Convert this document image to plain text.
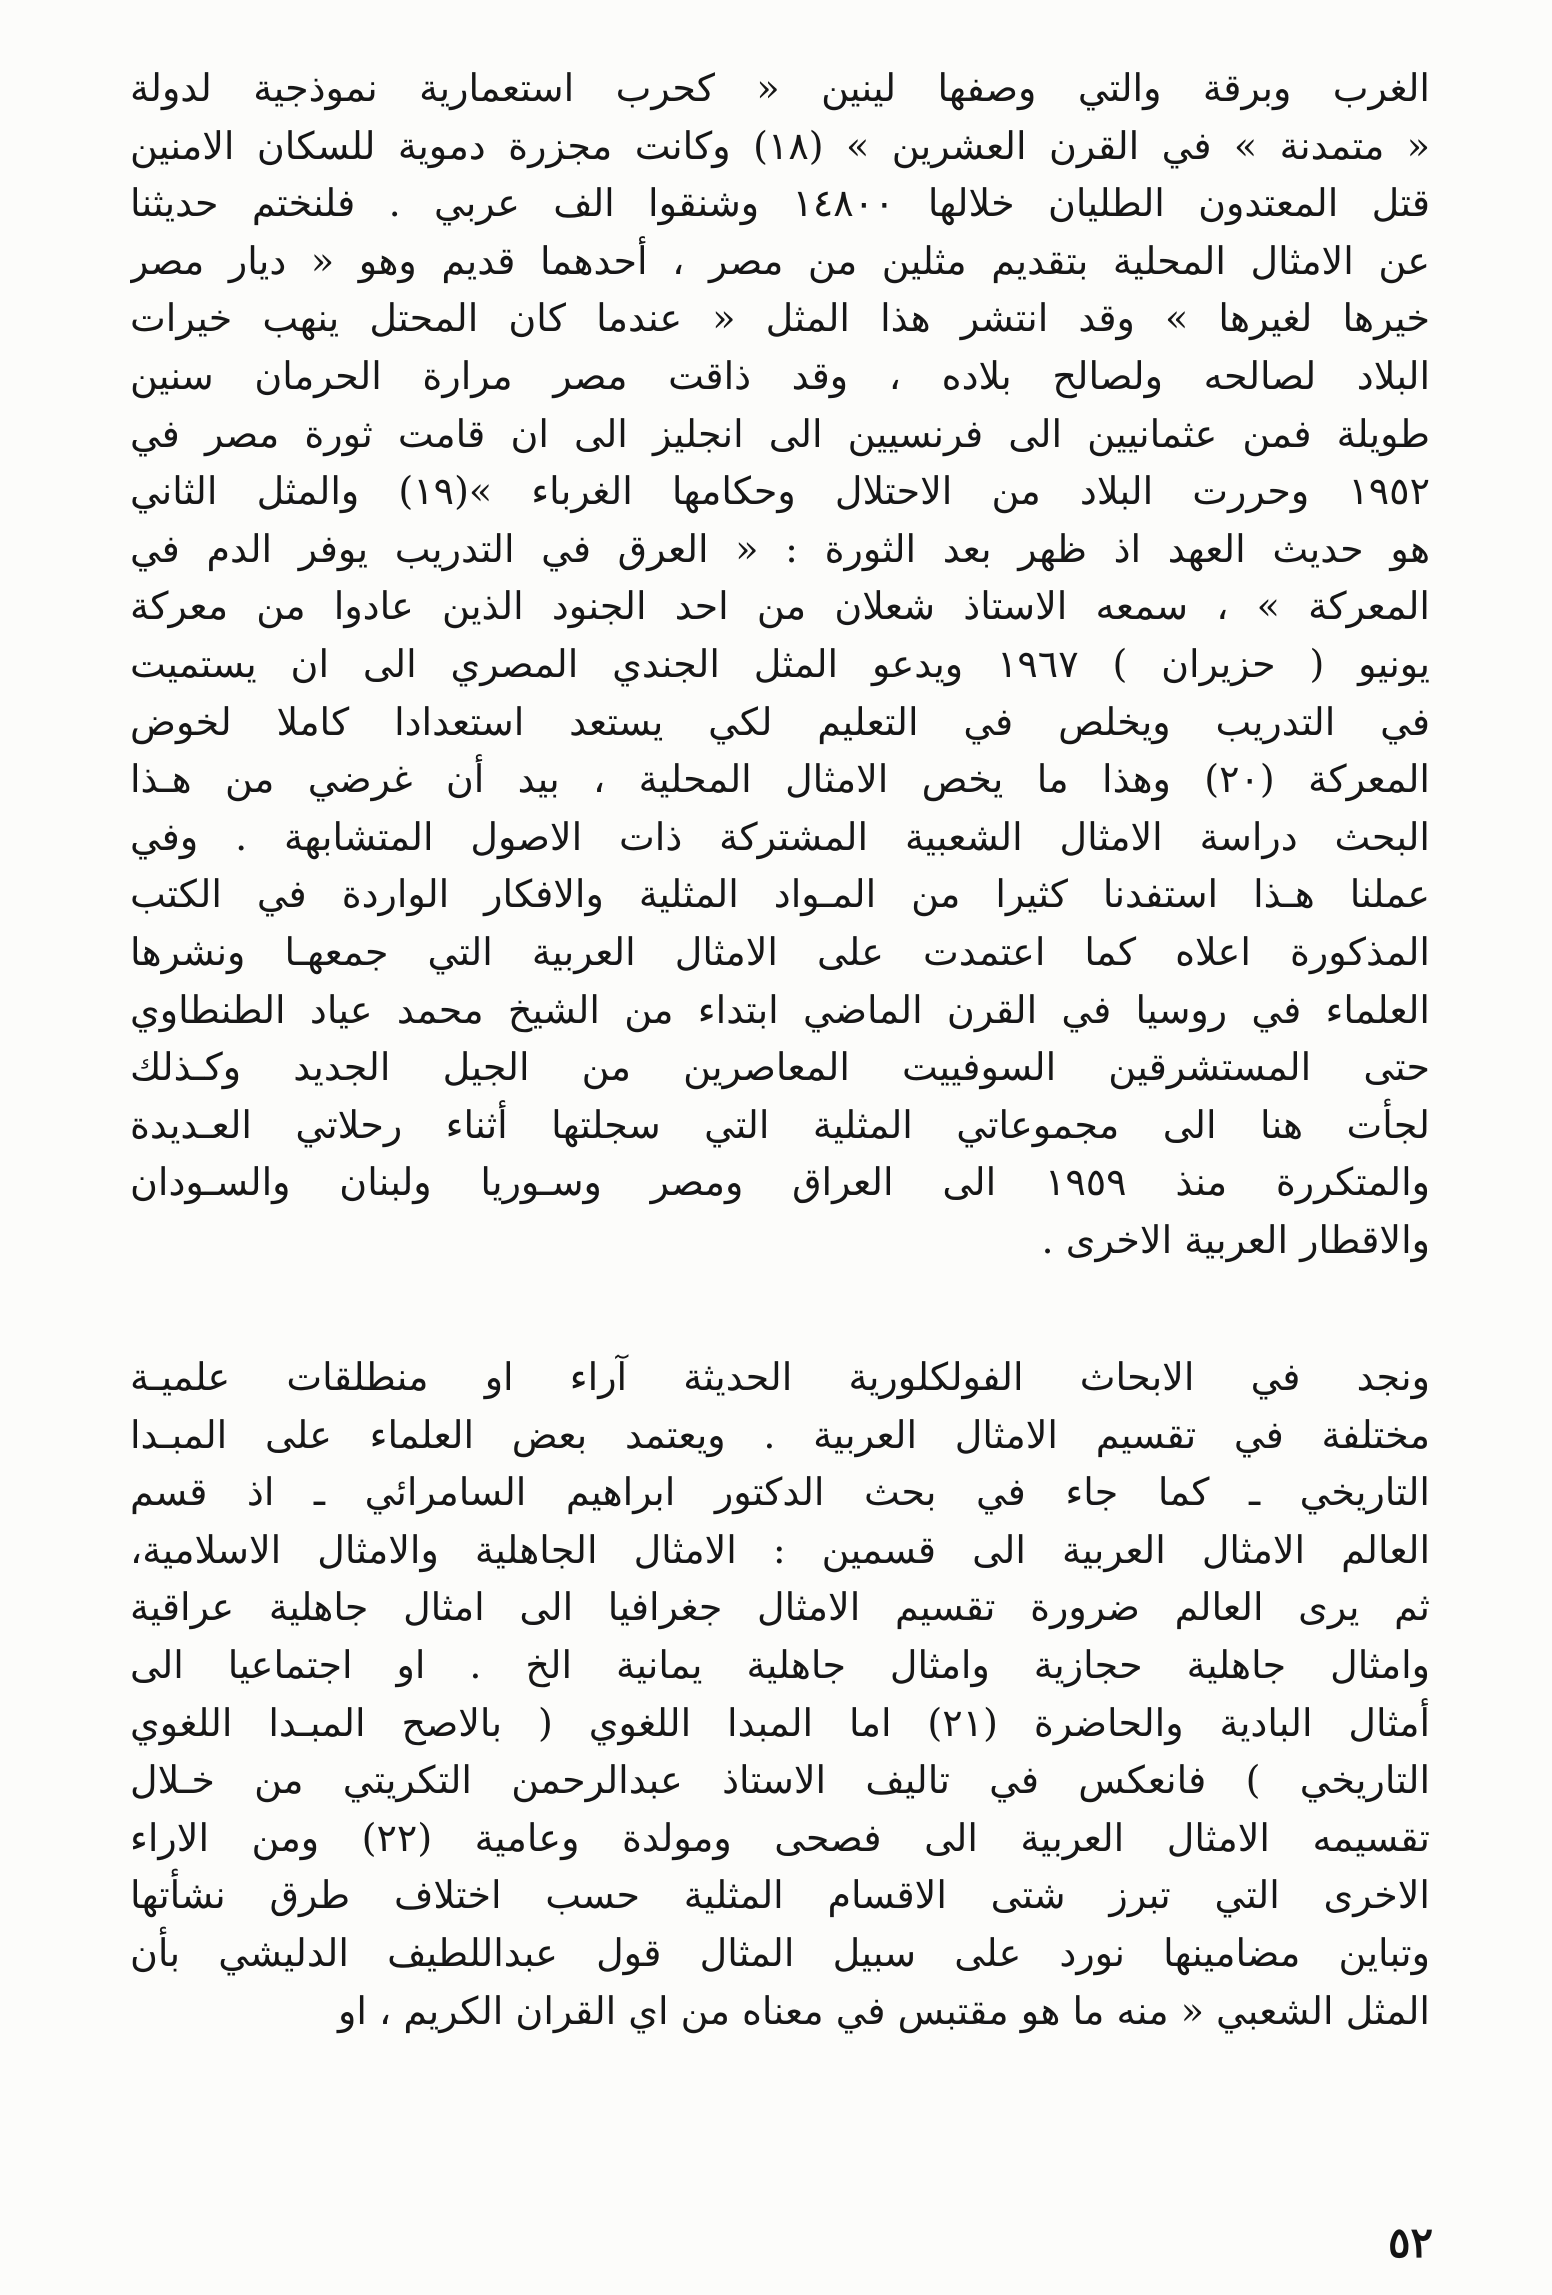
الغرب وبرقة والتي وصفها لينين « كحرب استعمارية نموذجية لدولة
« متمدنة » في القرن العشرين » (١٨) وكانت مجزرة دموية للسكان الامنين
قتل المعتدون الطليان خلالها ١٤٨٠٠ وشنقوا الف عربي . فلنختم حديثنا
عن الامثال المحلية بتقديم مثلين من مصر ، أحدهما قديم وهو « ديار مصر
خيرها لغيرها » وقد انتشر هذا المثل « عندما كان المحتل ينهب خيرات
البلاد لصالحه ولصالح بلاده ، وقد ذاقت مصر مرارة الحرمان سنين
طويلة فمن عثمانيين الى فرنسيين الى انجليز الى ان قامت ثورة مصر في
١٩٥٢ وحررت البلاد من الاحتلال وحكامها الغرباء »(١٩) والمثل الثاني
هو حديث العهد اذ ظهر بعد الثورة : « العرق في التدريب يوفر الدم في
المعركة » ، سمعه الاستاذ شعلان من احد الجنود الذين عادوا من معركة
يونيو ( حزيران ) ١٩٦٧ ويدعو المثل الجندي المصري الى ان يستميت
في التدريب ويخلص في التعليم لكي يستعد استعدادا كاملا لخوض
المعركة (٢٠) وهذا ما يخص الامثال المحلية ، بيد أن غرضي من هـذا
البحث دراسة الامثال الشعبية المشتركة ذات الاصول المتشابهة . وفي
عملنا هـذا استفدنا كثيرا من المـواد المثلية والافكار الواردة في الكتب
المذكورة اعلاه كما اعتمدت على الامثال العربية التي جمعهـا ونشرها
العلماء في روسيا في القرن الماضي ابتداء من الشيخ محمد عياد الطنطاوي
حتى المستشرقين السوفييت المعاصرين من الجيل الجديد وكـذلك
لجأت هنا الى مجموعاتي المثلية التي سجلتها أثناء رحلاتي العـديدة
والمتكررة منذ ١٩٥٩ الى العراق ومصر وسـوريا ولبنان والسـودان
والاقطار العربية الاخرى .
ونجد في الابحاث الفولكلورية الحديثة آراء او منطلقات علميـة
مختلفة في تقسيم الامثال العربية . ويعتمد بعض العلماء على المبـدا
التاريخي ـ كما جاء في بحث الدكتور ابراهيم السامرائي ـ اذ قسم
العالم الامثال العربية الى قسمين : الامثال الجاهلية والامثال الاسلامية،
ثم يرى العالم ضرورة تقسيم الامثال جغرافيا الى امثال جاهلية عراقية
وامثال جاهلية حجازية وامثال جاهلية يمانية الخ . او اجتماعيا الى
أمثال البادية والحاضرة (٢١) اما المبدا اللغوي ( بالاصح المبـدا اللغوي
التاريخي ) فانعكس في تاليف الاستاذ عبدالرحمن التكريتي من خـلال
تقسيمه الامثال العربية الى فصحى ومولدة وعامية (٢٢) ومن الاراء
الاخرى التي تبرز شتى الاقسام المثلية حسب اختلاف طرق نشأتها
وتباين مضامينها نورد على سبيل المثال قول عبداللطيف الدليشي بأن
المثل الشعبي « منه ما هو مقتبس في معناه من اي القران الكريم ، او
٥٢
